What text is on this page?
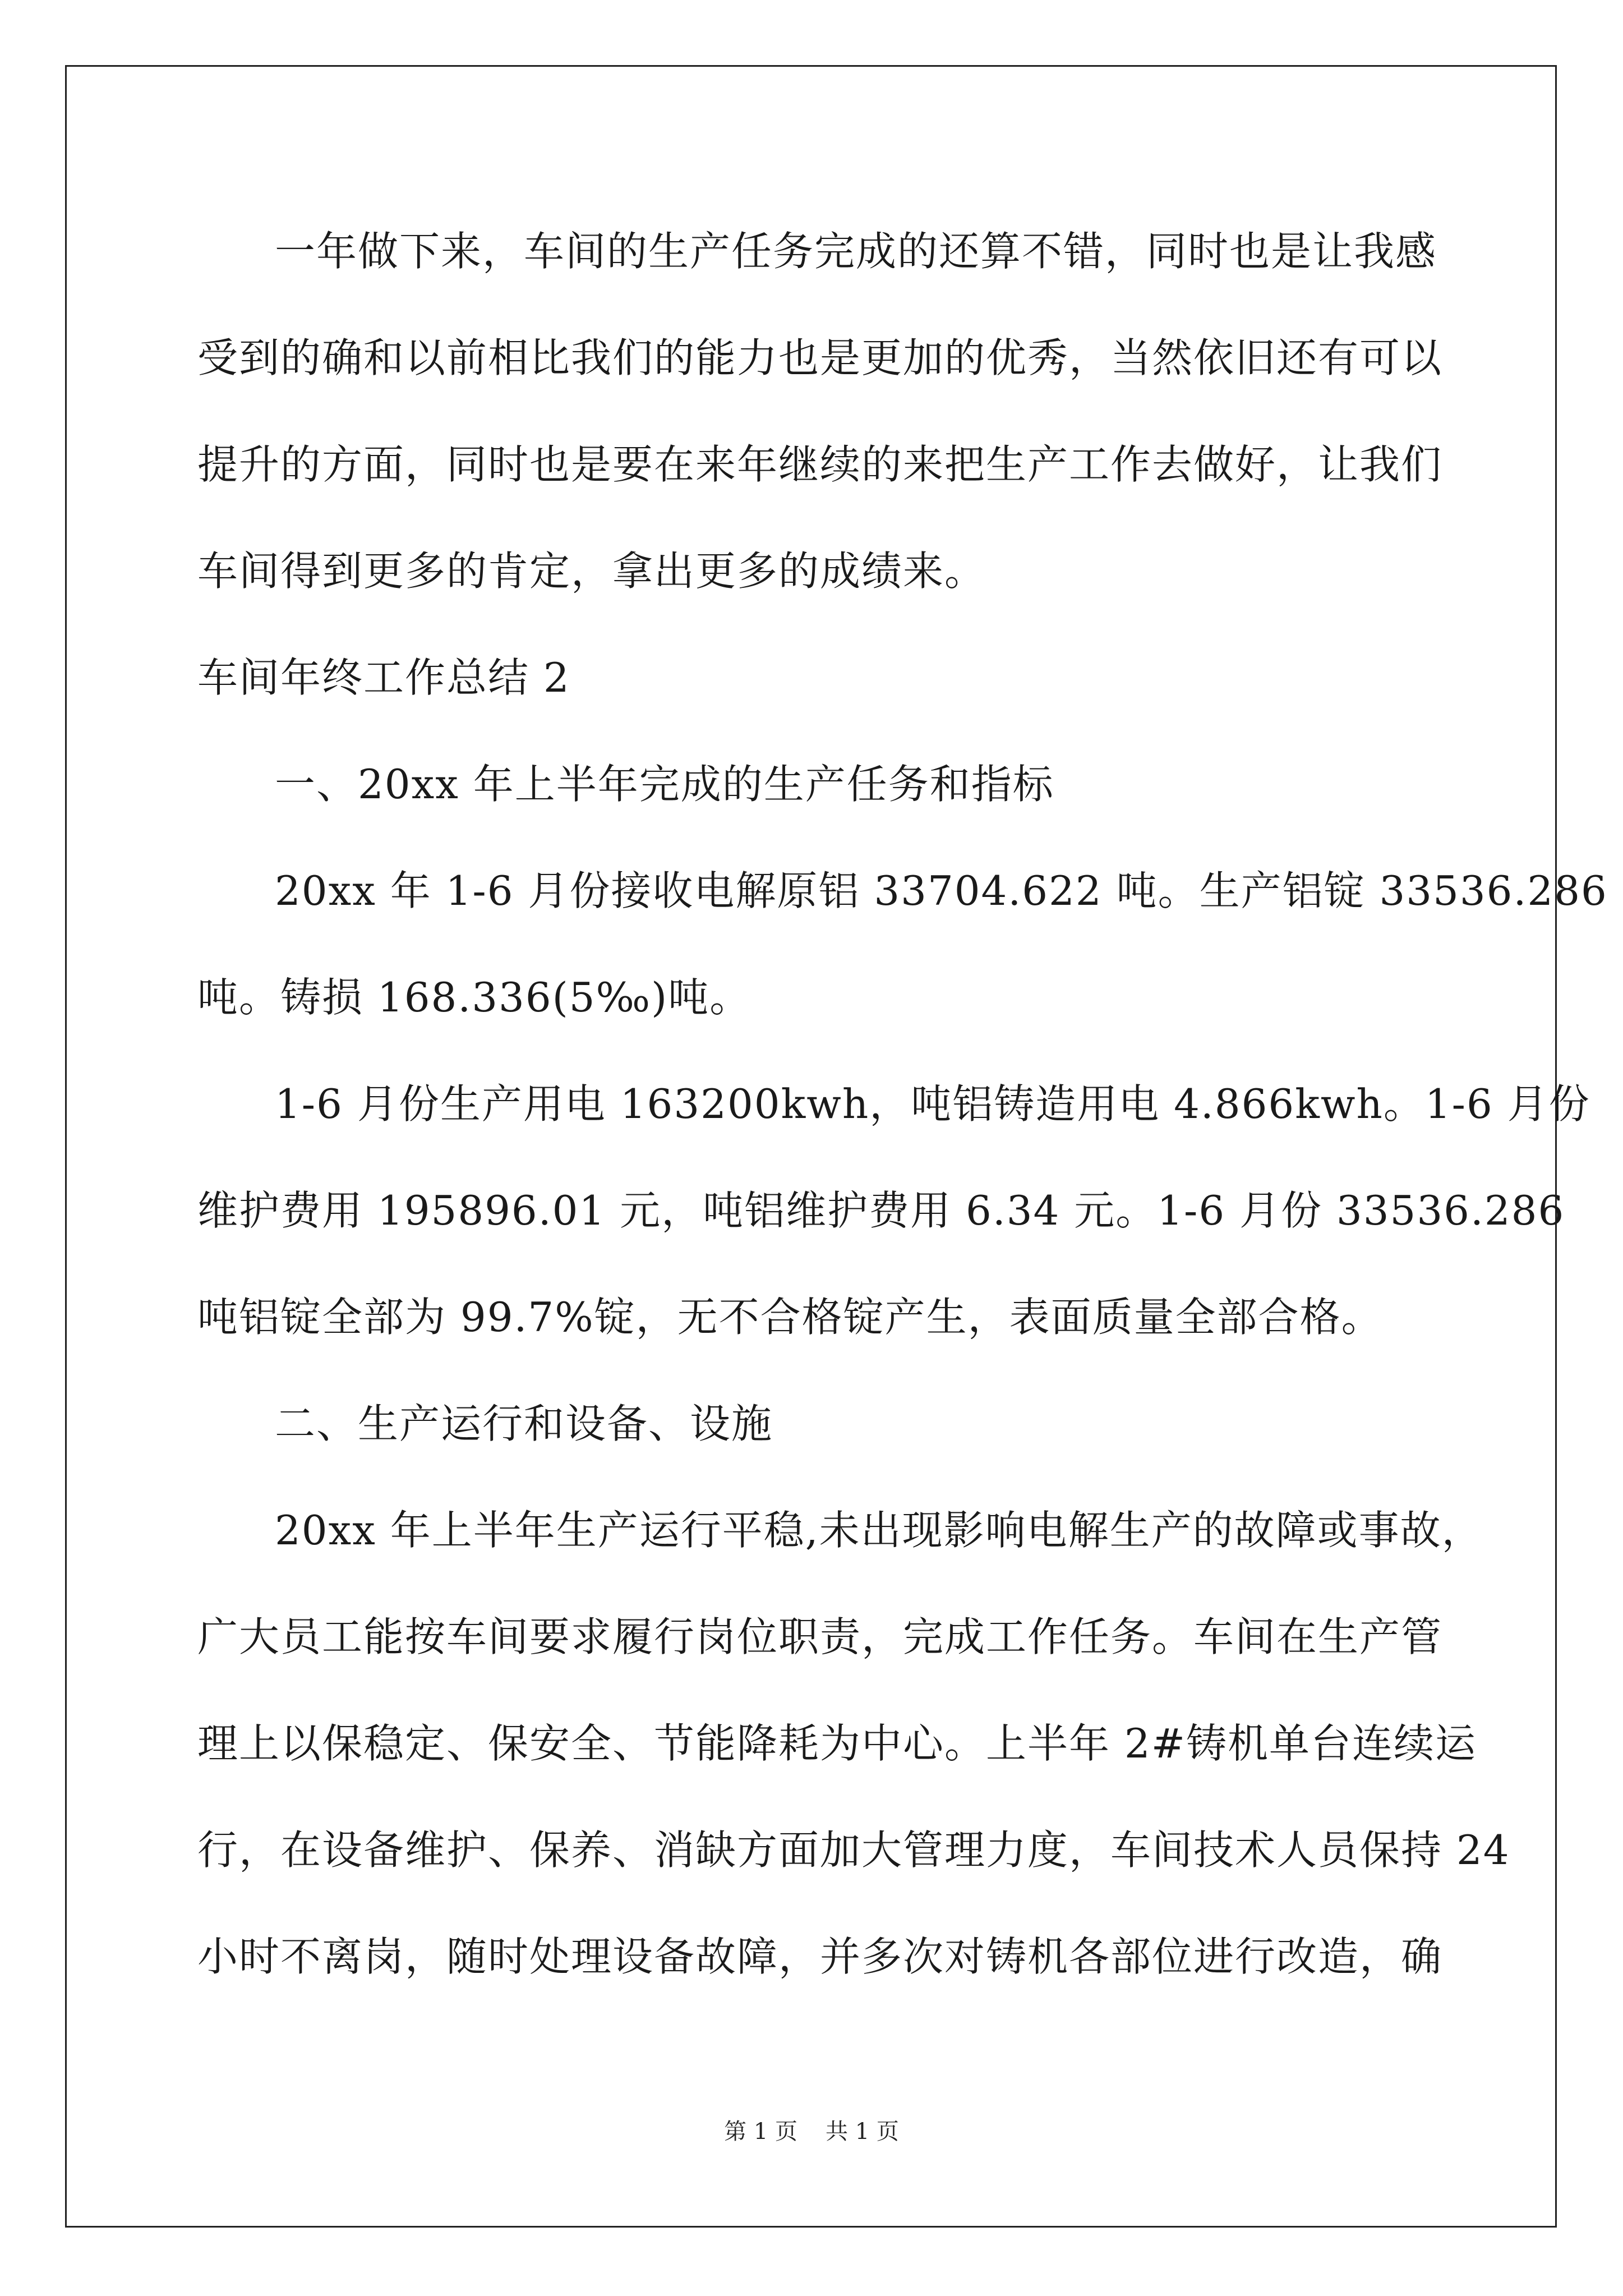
一年做下来，车间的生产任务完成的还算不错，同时也是让我感
受到的确和以前相比我们的能力也是更加的优秀，当然依旧还有可以
提升的方面，同时也是要在来年继续的来把生产工作去做好，让我们
车间得到更多的肯定，拿出更多的成绩来。
车间年终工作总结 2
一、20xx 年上半年完成的生产任务和指标
20xx 年 1-6 月份接收电解原铝 33704.622 吨。生产铝锭 33536.286
吨。铸损 168.336(5‰)吨。
1-6 月份生产用电 163200kwh，吨铝铸造用电 4.866kwh。1-6 月份
维护费用 195896.01 元，吨铝维护费用 6.34 元。1-6 月份 33536.286
吨铝锭全部为 99.7%锭，无不合格锭产生，表面质量全部合格。
二、生产运行和设备、设施
20xx 年上半年生产运行平稳,未出现影响电解生产的故障或事故，
广大员工能按车间要求履行岗位职责，完成工作任务。车间在生产管
理上以保稳定、保安全、节能降耗为中心。上半年 2#铸机单台连续运
行，在设备维护、保养、消缺方面加大管理力度，车间技术人员保持 24
小时不离岗，随时处理设备故障，并多次对铸机各部位进行改造，确
第 1 页 共 1 页
